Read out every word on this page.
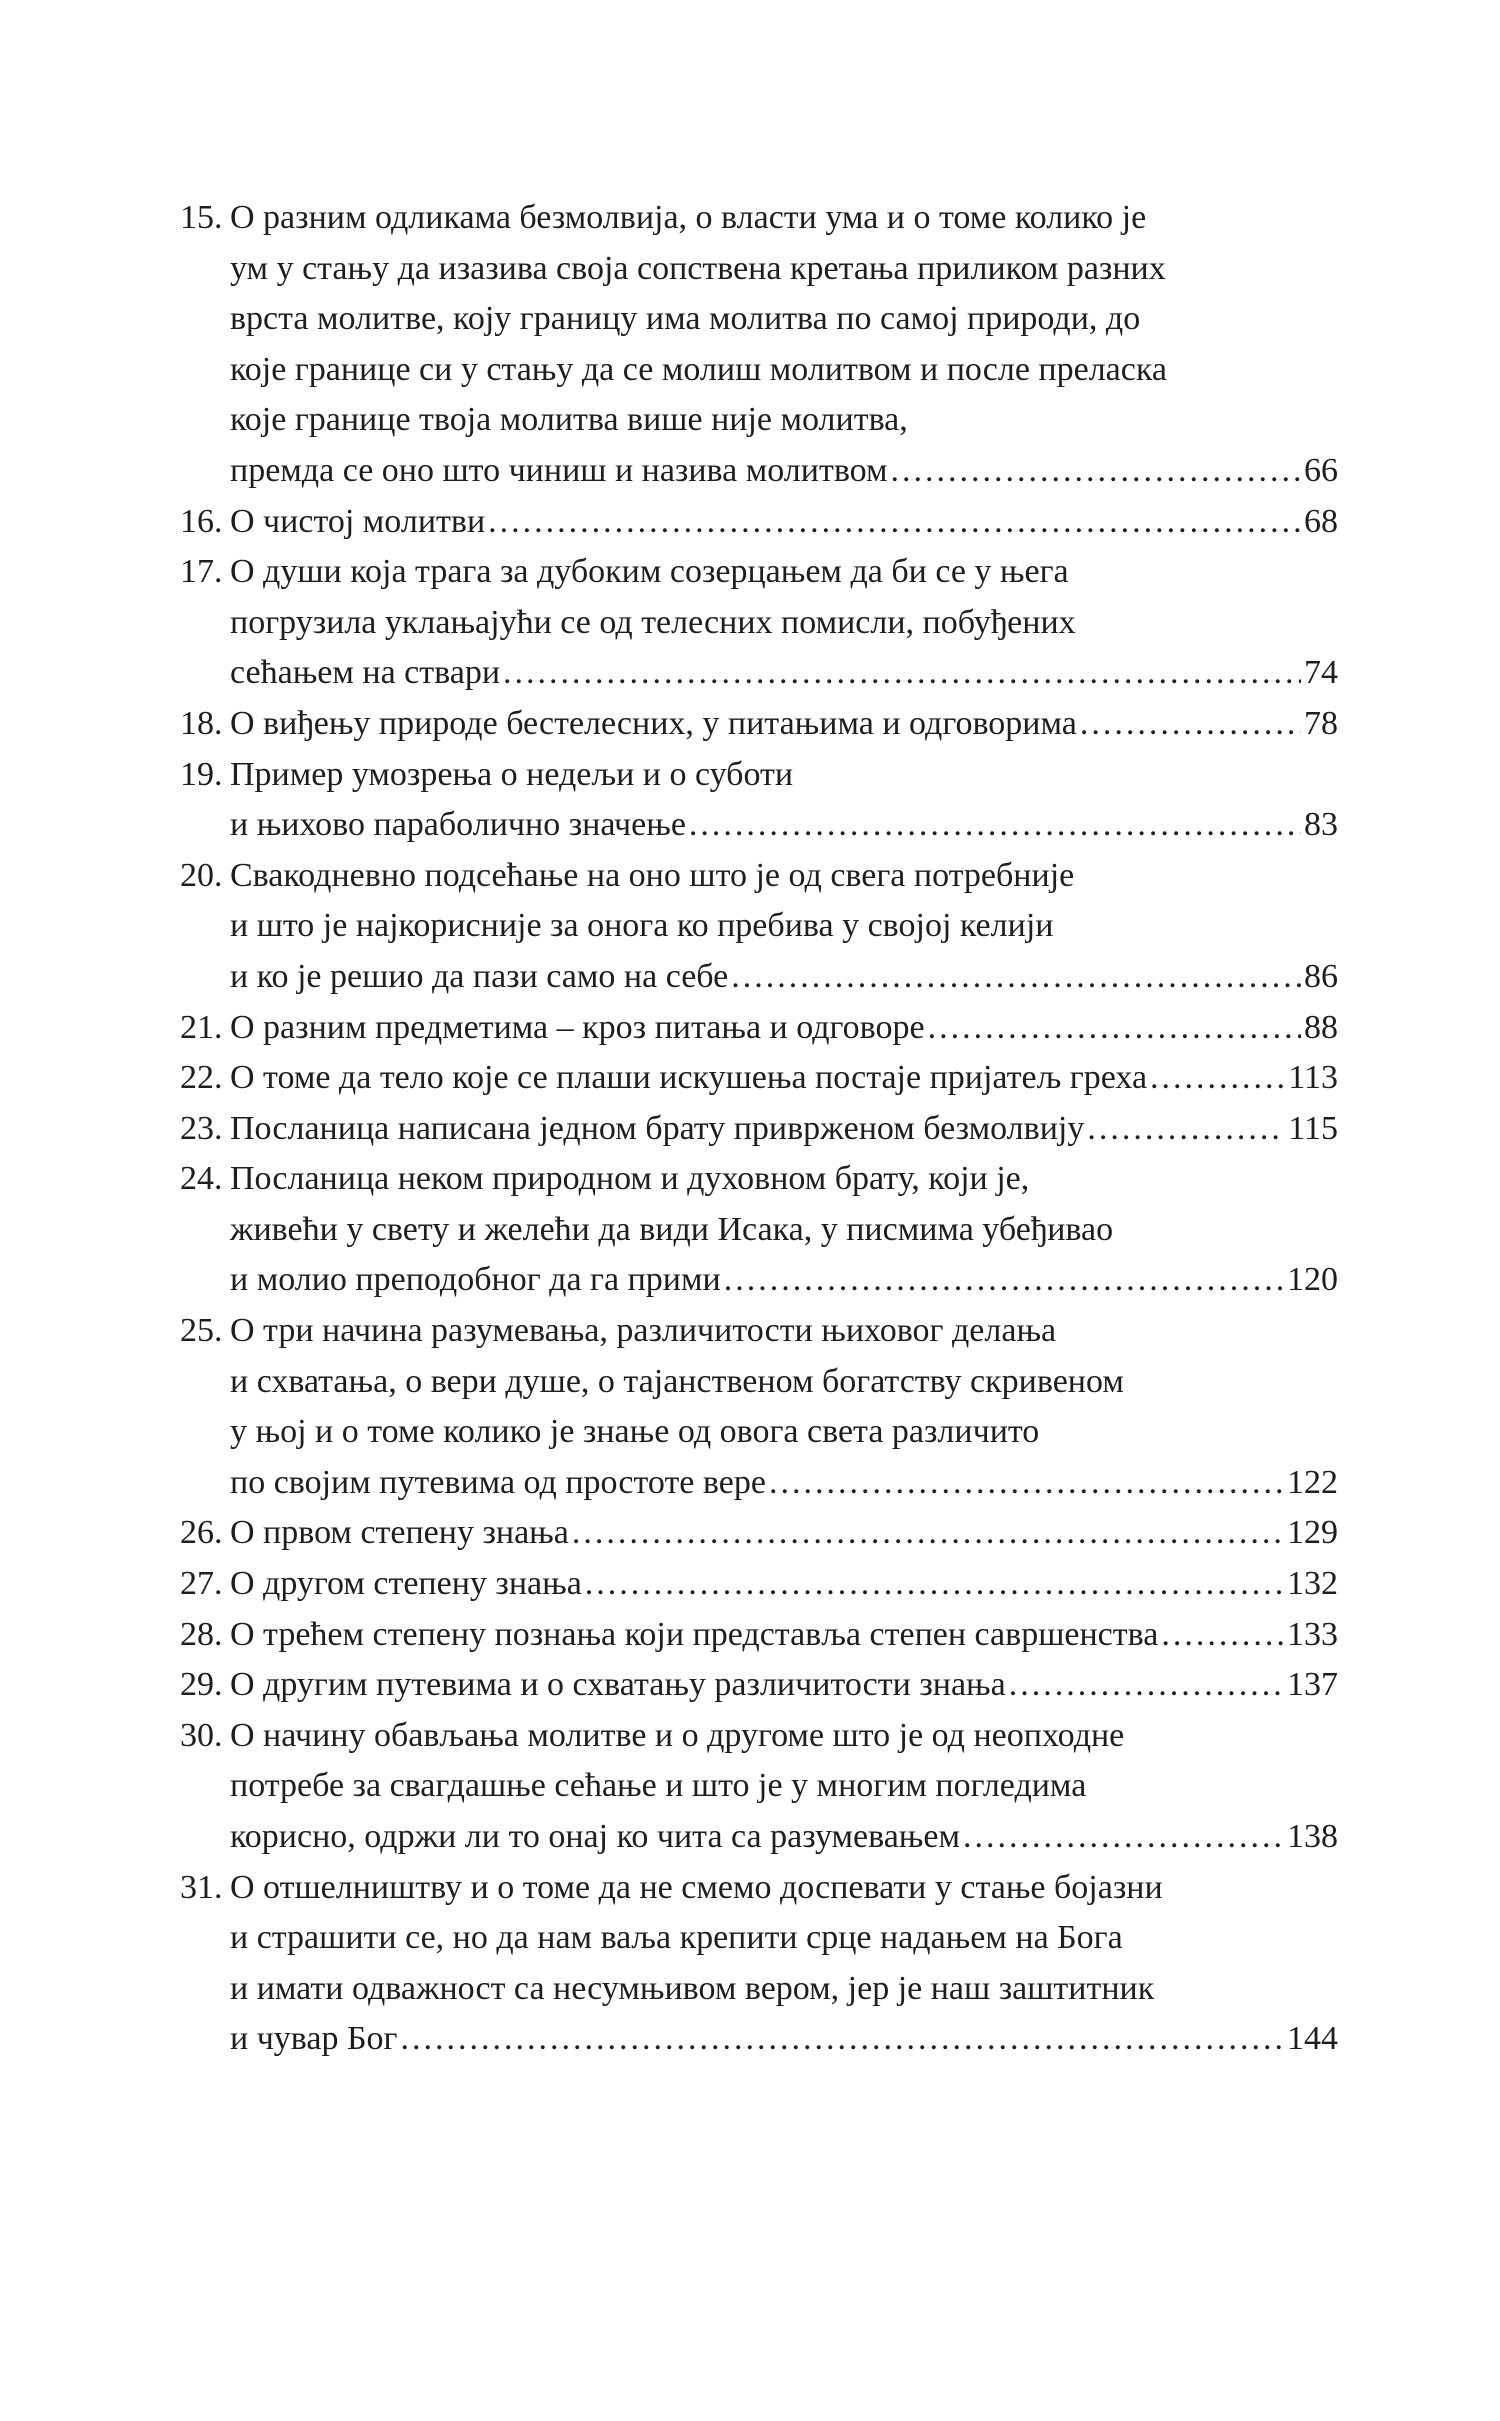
15. О разним одликама безмолвија, о власти ума и о томе колико је
ум у стању да изазива своја сопствена кретања приликом разних
врста молитве, коју границу има молитва по самој природи, до
које границе си у стању да се молиш молитвом и после преласка
које границе твоја молитва више није молитва,
премда се оно што чиниш и назива молитвом .....	66
16. О чистој молитви .....	68
17. О души која трага за дубоким созерцањем да би се у њега
погрузила уклањајући се од телесних помисли, побуђених
сећањем на ствари .....	74
18. О виђењу природе бестелесних, у питањима и одговорима .....	78
19. Пример умозрења о недељи и о суботи
и њихово параболично значење .....	83
20. Свакодневно подсећање на оно што је од свега потребније
и што је најкорисније за онога ко пребива у својој келији
и ко је решио да пази само на себе .....	86
21. О разним предметима – кроз питања и одговоре .....	88
22. О томе да тело које се плаши искушења постаје пријатељ греха .....	113
23. Посланица написана једном брату привржeном безмолвију .....	115
24. Посланица неком природном и духовном брату, који је,
живећи у свету и желећи да види Исака, у писмима убеђивао
и молио преподобног да га прими .....	120
25. О три начина разумевања, различитости њиховог делања
и схватања, о вери душе, о тајанственом богатству скривеном
у њој и о томе колико је знање од овога света различито
по својим путевима од простоте вере .....	122
26. О првом степену знања .....	129
27. О другом степену знања .....	132
28. О трећем степену познања који представља степен савршенства .....	133
29. О другим путевима и о схватању различитости знања .....	137
30. О начину обављања молитве и о другоме што је од неопходне
потребе за свагдашње сећање и што је у многим погледима
корисно, одржи ли то онај ко чита са разумевањем .....	138
31. О отшелништву и о томе да не смемо доспевати у стање бојазни
и страшити се, но да нам ваља крепити срце надањем на Бога
и имати одважност са несумњивом вером, јер је наш заштитник
и чувар Бог .....	144
